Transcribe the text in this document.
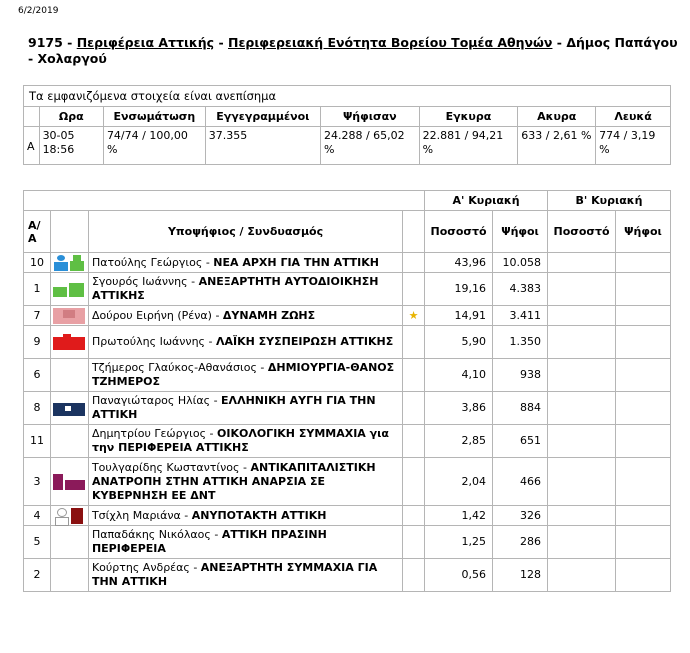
6/2/2019
9175 - Περιφέρεια Αττικής - Περιφερειακή Ενότητα Βορείου Τομέα Αθηνών - Δήμος Παπάγου - Χολαργού
Τα εμφανιζόμενα στοιχεία είναι ανεπίσημα							
	Ωρα	Ενσωμάτωση	Εγγεγραμμένοι	Ψήφισαν	Εγκυρα	Ακυρα	Λευκά
Α	30-05 18:56	74/74 / 100,00 %	37.355	24.288 / 65,02 %	22.881 / 94,21 %	633 / 2,61 %	774 / 3,19 %
				Α' Κυριακή		Β' Κυριακή	
Α/Α		Υποψήφιος / Συνδυασμός		Ποσοστό	Ψήφοι	Ποσοστό	Ψήφοι
10		Πατούλης Γεώργιος - ΝΕΑ ΑΡΧΗ ΓΙΑ ΤΗΝ ΑΤΤΙΚΗ		43,96	10.058		
1		Σγουρός Ιωάννης - ΑΝΕΞΑΡΤΗΤΗ ΑΥΤΟΔΙΟΙΚΗΣΗ ΑΤΤΙΚΗΣ		19,16	4.383		
7		Δούρου Ειρήνη (Ρένα) - ΔΥΝΑΜΗ ΖΩΗΣ	★	14,91	3.411		
9		Πρωτούλης Ιωάννης - ΛΑΪΚΗ ΣΥΣΠΕΙΡΩΣΗ ΑΤΤΙΚΗΣ		5,90	1.350		
6		Τζήμερος Γλαύκος-Αθανάσιος - ΔΗΜΙΟΥΡΓΙΑ-ΘΑΝΟΣ ΤΖΗΜΕΡΟΣ		4,10	938		
8		Παναγιώταρος Ηλίας - ΕΛΛΗΝΙΚΗ ΑΥΓΗ ΓΙΑ ΤΗΝ ΑΤΤΙΚΗ		3,86	884		
11		Δημητρίου Γεώργιος - ΟΙΚΟΛΟΓΙΚΗ ΣΥΜΜΑΧΙΑ για την ΠΕΡΙΦΕΡΕΙΑ ΑΤΤΙΚΗΣ		2,85	651		
3		Τουλγαρίδης Κωσταντίνος - ΑΝΤΙΚΑΠΙΤΑΛΙΣΤΙΚΗ ΑΝΑΤΡΟΠΗ ΣΤΗΝ ΑΤΤΙΚΗ ΑΝΑΡΣΙΑ ΣΕ ΚΥΒΕΡΝΗΣΗ ΕΕ ΔΝΤ		2,04	466		
4		Τσίχλη Μαριάνα - ΑΝΥΠΟΤΑΚΤΗ ΑΤΤΙΚΗ		1,42	326		
5		Παπαδάκης Νικόλαος - ΑΤΤΙΚΗ ΠΡΑΣΙΝΗ ΠΕΡΙΦΕΡΕΙΑ		1,25	286		
2		Κούρτης Ανδρέας - ΑΝΕΞΑΡΤΗΤΗ ΣΥΜΜΑΧΙΑ ΓΙΑ ΤΗΝ ΑΤΤΙΚΗ		0,56	128		
